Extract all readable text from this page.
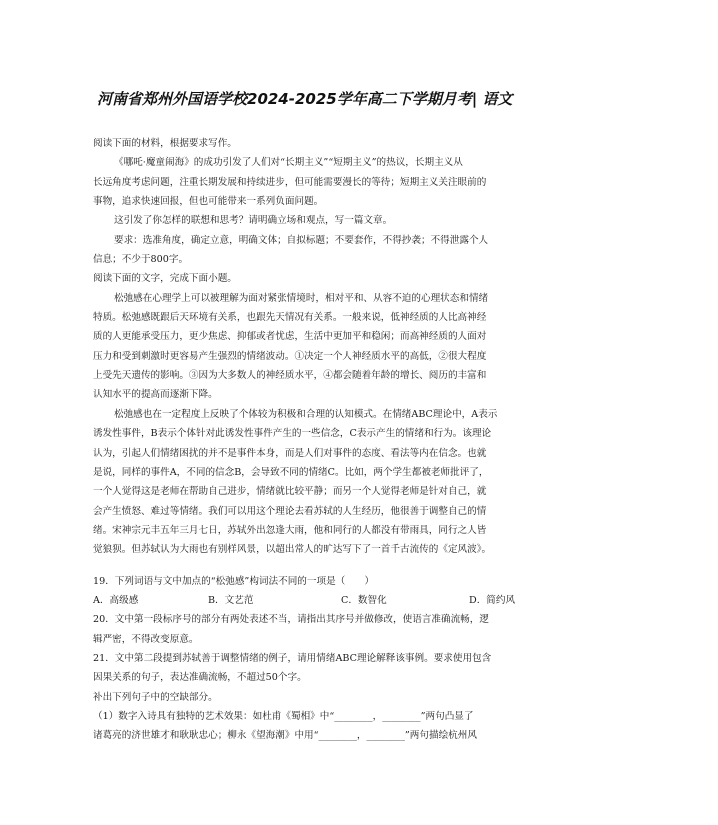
河南省郑州外国语学校2024-2025学年高二下学期月考| 语文
阅读下面的材料，根据要求写作。
《哪吒·魔童闹海》的成功引发了人们对“长期主义”“短期主义”的热议，长期主义从
长远角度考虑问题，注重长期发展和持续进步，但可能需要漫长的等待；短期主义关注眼前的
事物，追求快速回报，但也可能带来一系列负面问题。
这引发了你怎样的联想和思考？请明确立场和观点，写一篇文章。
要求：选准角度，确定立意，明确文体；自拟标题；不要套作，不得抄袭；不得泄露个人
信息；不少于800字。
阅读下面的文字，完成下面小题。
松弛感在心理学上可以被理解为面对紧张情境时，相对平和、从容不迫的心理状态和情绪
特质。松弛感既跟后天环境有关系，也跟先天情况有关系。一般来说，低神经质的人比高神经
质的人更能承受压力，更少焦虑、抑郁或者忧虑，生活中更加平和稳闲；而高神经质的人面对
压力和受到刺激时更容易产生强烈的情绪波动。①决定一个人神经质水平的高低，②很大程度
上受先天遗传的影响。③因为大多数人的神经质水平，④都会随着年龄的增长、阅历的丰富和
认知水平的提高而逐渐下降。
松弛感也在一定程度上反映了个体较为积极和合理的认知模式。在情绪ABC理论中，A表示
诱发性事件，B表示个体针对此诱发性事件产生的一些信念，C表示产生的情绪和行为。该理论
认为，引起人们情绪困扰的并不是事件本身，而是人们对事件的态度、看法等内在信念。也就
是说，同样的事件A，不同的信念B，会导致不同的情绪C。比如，两个学生都被老师批评了，
一个人觉得这是老师在帮助自己进步，情绪就比较平静；而另一个人觉得老师是针对自己，就
会产生愤怒、难过等情绪。我们可以用这个理论去看苏轼的人生经历，他很善于调整自己的情
绪。宋神宗元丰五年三月七日，苏轼外出忽逢大雨，他和同行的人都没有带雨具，同行之人皆
觉狼狈。但苏轼认为大雨也有别样风景，以超出常人的旷达写下了一首千古流传的《定风波》。
19．下列词语与文中加点的“松弛感”构词法不同的一项是（　　）
A．高级感	B．文艺范	C．数智化	D．简约风
20．文中第一段标序号的部分有两处表述不当，请指出其序号并做修改，使语言准确流畅，逻
辑严密，不得改变原意。
21．文中第二段提到苏轼善于调整情绪的例子，请用情绪ABC理论解释该事例。要求使用包含
因果关系的句子，表达准确流畅，不超过50个字。
补出下列句子中的空缺部分。
（1）数字入诗具有独特的艺术效果：如杜甫《蜀相》中“________，________”两句凸显了
诸葛亮的济世雄才和耿耿忠心；柳永《望海潮》中用“________，________”两句描绘杭州风
